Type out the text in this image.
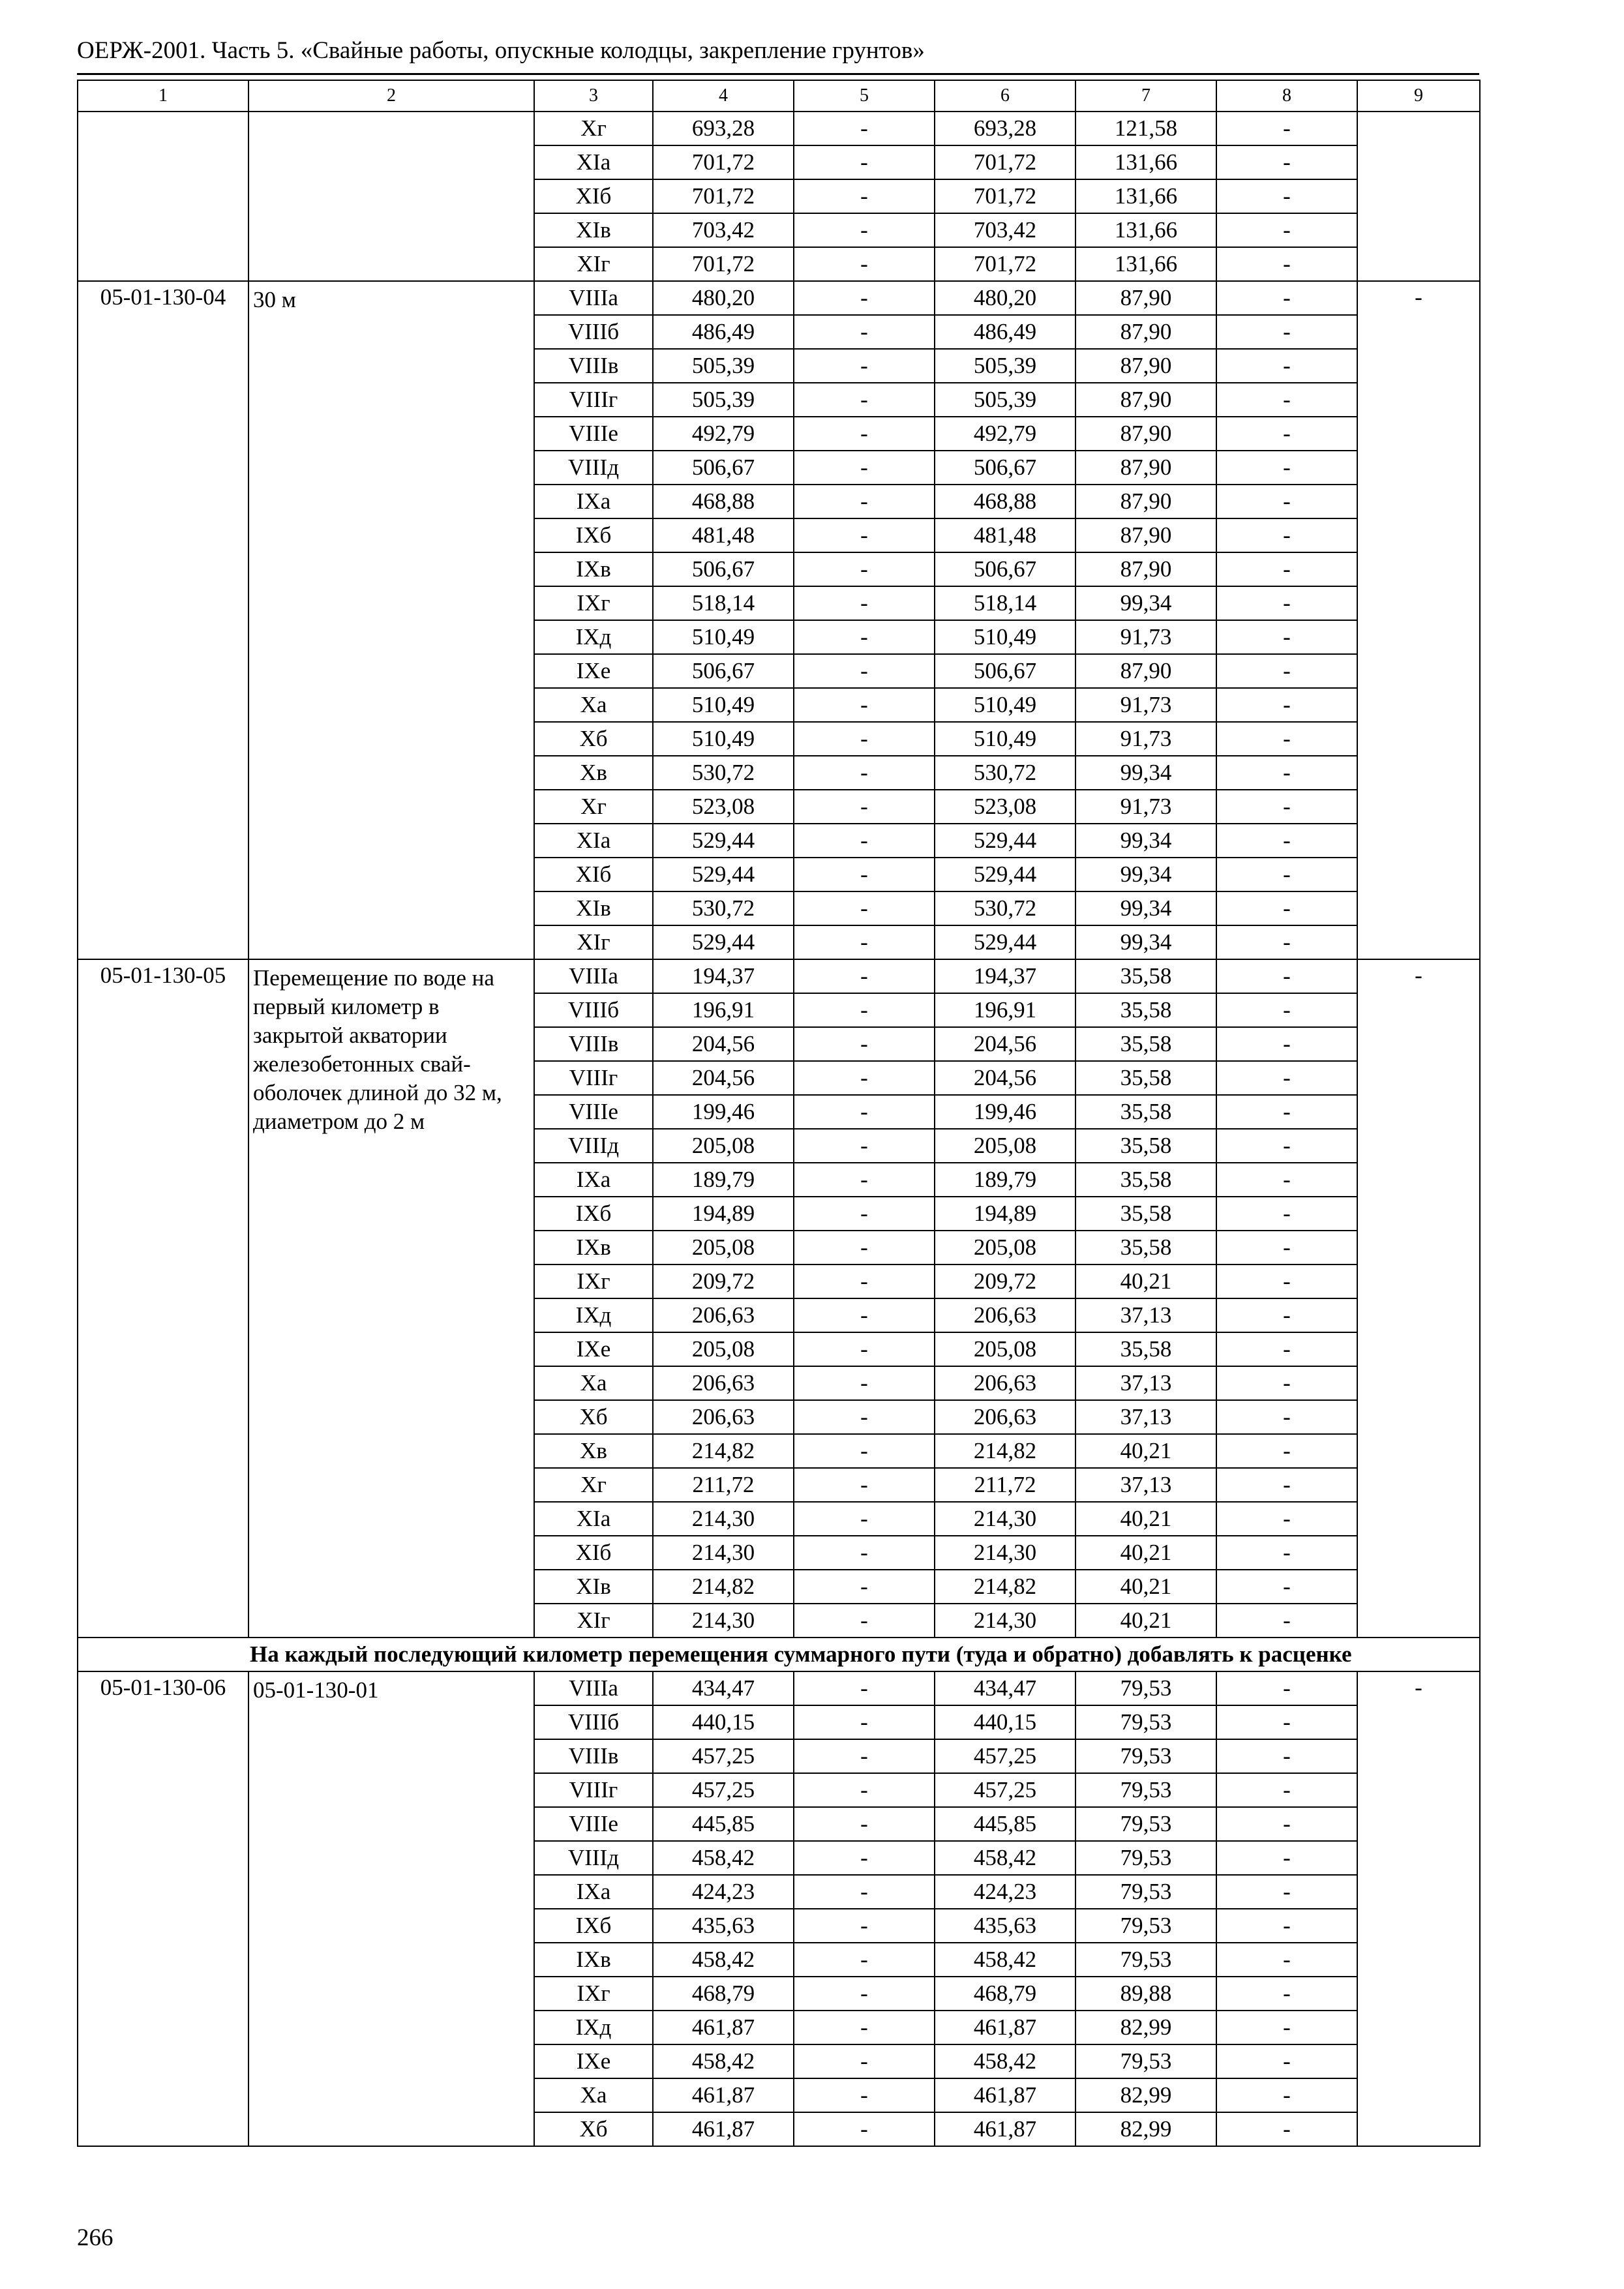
ОЕРЖ-2001. Часть 5. «Свайные работы, опускные колодцы, закрепление грунтов»
1	2	3	4	5	6	7	8	9
		Xг	693,28	-	693,28	121,58	-	
		XIа	701,72	-	701,72	131,66	-	
		XIб	701,72	-	701,72	131,66	-	
		XIв	703,42	-	703,42	131,66	-	
		XIг	701,72	-	701,72	131,66	-	
05-01-130-04	30 м	VIIIа	480,20	-	480,20	87,90	-	-
		VIIIб	486,49	-	486,49	87,90	-	
		VIIIв	505,39	-	505,39	87,90	-	
		VIIIг	505,39	-	505,39	87,90	-	
		VIIIе	492,79	-	492,79	87,90	-	
		VIIIд	506,67	-	506,67	87,90	-	
		IXа	468,88	-	468,88	87,90	-	
		IXб	481,48	-	481,48	87,90	-	
		IXв	506,67	-	506,67	87,90	-	
		IXг	518,14	-	518,14	99,34	-	
		IXд	510,49	-	510,49	91,73	-	
		IXе	506,67	-	506,67	87,90	-	
		Xа	510,49	-	510,49	91,73	-	
		Xб	510,49	-	510,49	91,73	-	
		Xв	530,72	-	530,72	99,34	-	
		Xг	523,08	-	523,08	91,73	-	
		XIа	529,44	-	529,44	99,34	-	
		XIб	529,44	-	529,44	99,34	-	
		XIв	530,72	-	530,72	99,34	-	
		XIг	529,44	-	529,44	99,34	-	
05-01-130-05	Перемещение по воде на первый километр в закрытой акватории железобетонных свай-оболочек длиной до 32 м, диаметром до 2 м	VIIIа	194,37	-	194,37	35,58	-	-
		VIIIб	196,91	-	196,91	35,58	-	
		VIIIв	204,56	-	204,56	35,58	-	
		VIIIг	204,56	-	204,56	35,58	-	
		VIIIе	199,46	-	199,46	35,58	-	
		VIIIд	205,08	-	205,08	35,58	-	
		IXа	189,79	-	189,79	35,58	-	
		IXб	194,89	-	194,89	35,58	-	
		IXв	205,08	-	205,08	35,58	-	
		IXг	209,72	-	209,72	40,21	-	
		IXд	206,63	-	206,63	37,13	-	
		IXе	205,08	-	205,08	35,58	-	
		Xа	206,63	-	206,63	37,13	-	
		Xб	206,63	-	206,63	37,13	-	
		Xв	214,82	-	214,82	40,21	-	
		Xг	211,72	-	211,72	37,13	-	
		XIа	214,30	-	214,30	40,21	-	
		XIб	214,30	-	214,30	40,21	-	
		XIв	214,82	-	214,82	40,21	-	
		XIг	214,30	-	214,30	40,21	-	
	На каждый последующий километр перемещения суммарного пути (туда и обратно) добавлять к расценке							
05-01-130-06	05-01-130-01	VIIIа	434,47	-	434,47	79,53	-	-
		VIIIб	440,15	-	440,15	79,53	-	
		VIIIв	457,25	-	457,25	79,53	-	
		VIIIг	457,25	-	457,25	79,53	-	
		VIIIе	445,85	-	445,85	79,53	-	
		VIIIд	458,42	-	458,42	79,53	-	
		IXа	424,23	-	424,23	79,53	-	
		IXб	435,63	-	435,63	79,53	-	
		IXв	458,42	-	458,42	79,53	-	
		IXг	468,79	-	468,79	89,88	-	
		IXд	461,87	-	461,87	82,99	-	
		IXе	458,42	-	458,42	79,53	-	
		Xа	461,87	-	461,87	82,99	-	
		Xб	461,87	-	461,87	82,99	-	
266
